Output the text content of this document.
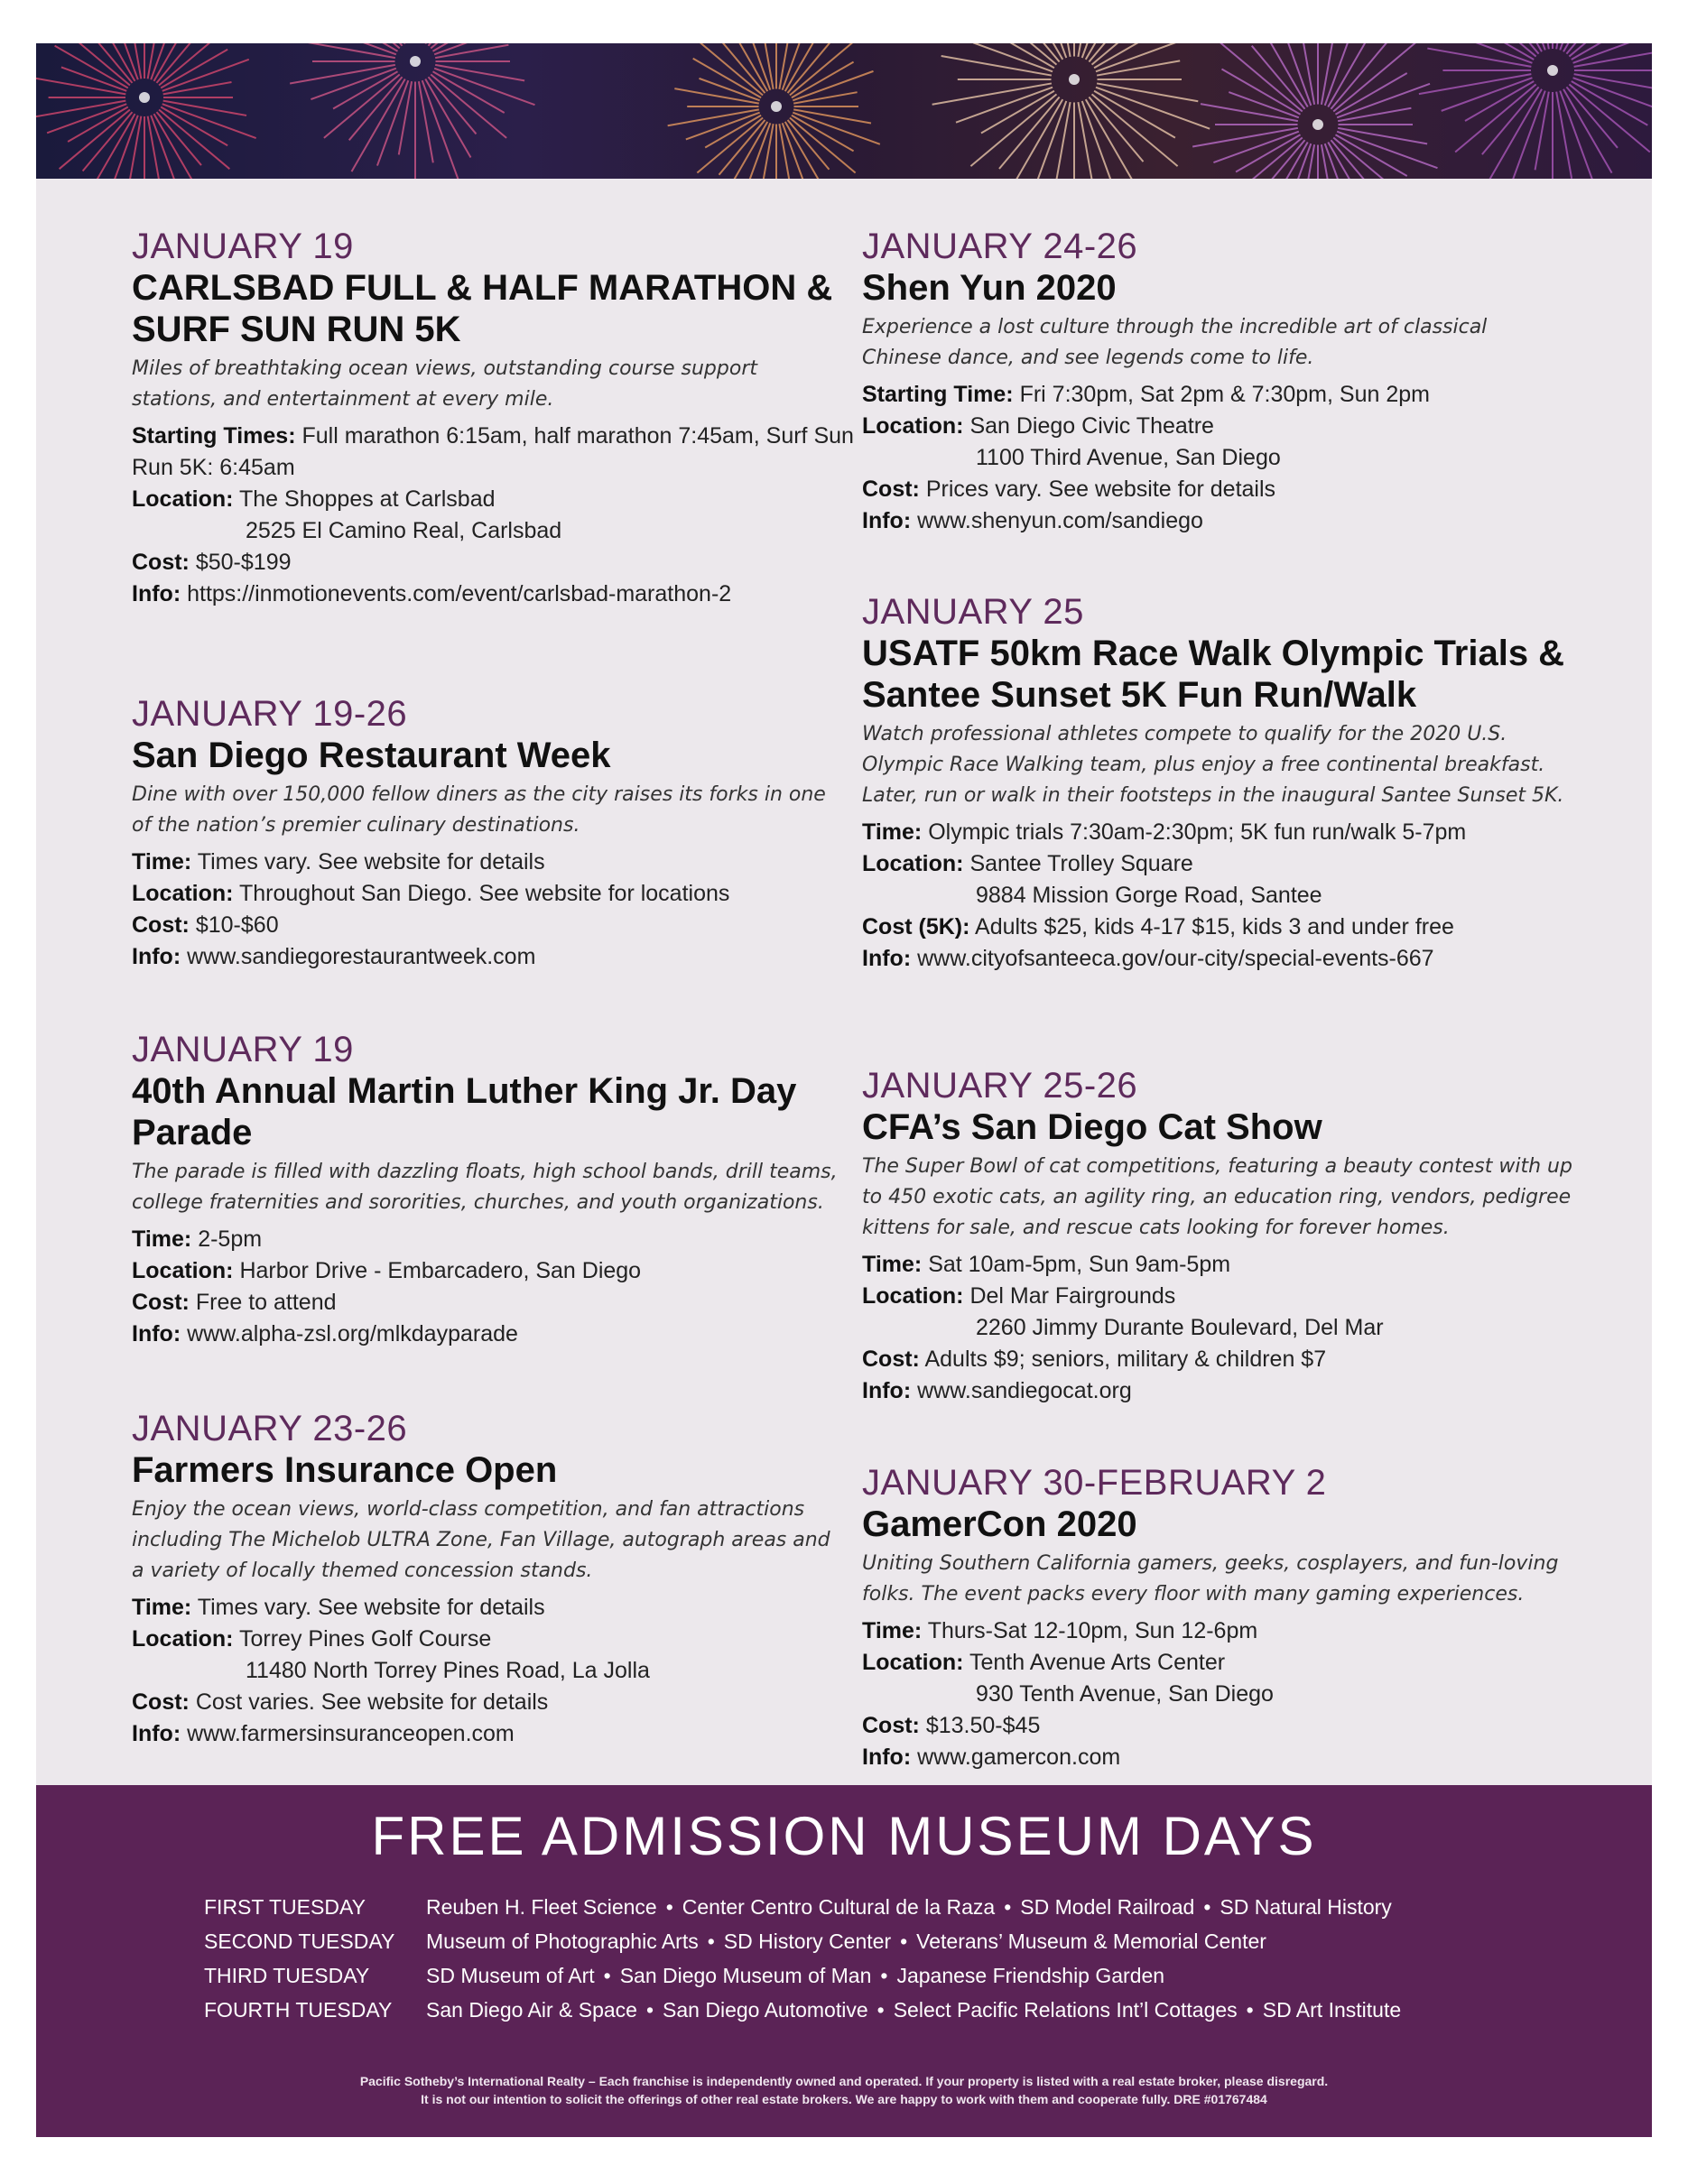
JANUARY 19

CARLSBAD FULL & HALF MARATHON & SURF SUN RUN 5K

Miles of breathtaking ocean views, outstanding course support stations, and entertainment at every mile.

Starting Times: Full marathon 6:15am, half marathon 7:45am, Surf Sun Run 5K: 6:45am

Location: The Shoppes at Carlsbad

2525 El Camino Real, Carlsbad

Cost: $50-$199

Info: https://inmotionevents.com/event/carlsbad-marathon-2

JANUARY 19-26

San Diego Restaurant Week

Dine with over 150,000 fellow diners as the city raises its forks in one of the nation’s premier culinary destinations.

Time: Times vary. See website for details

Location: Throughout San Diego. See website for locations

Cost: $10-$60

Info: www.sandiegorestaurantweek.com

JANUARY 19

40th Annual Martin Luther King Jr. Day Parade

The parade is filled with dazzling floats, high school bands, drill teams, college fraternities and sororities, churches, and youth organizations.

Time: 2-5pm

Location: Harbor Drive - Embarcadero, San Diego

Cost: Free to attend

Info: www.alpha-zsl.org/mlkdayparade

JANUARY 23-26

Farmers Insurance Open

Enjoy the ocean views, world-class competition, and fan attractions including The Michelob ULTRA Zone, Fan Village, autograph areas and a variety of locally themed concession stands.

Time: Times vary. See website for details

Location: Torrey Pines Golf Course

11480 North Torrey Pines Road, La Jolla

Cost: Cost varies. See website for details

Info: www.farmersinsuranceopen.com

JANUARY 24-26

Shen Yun 2020

Experience a lost culture through the incredible art of classical Chinese dance, and see legends come to life.

Starting Time: Fri 7:30pm, Sat 2pm & 7:30pm, Sun 2pm

Location: San Diego Civic Theatre

1100 Third Avenue, San Diego

Cost: Prices vary. See website for details

Info: www.shenyun.com/sandiego

JANUARY 25

USATF 50km Race Walk Olympic Trials & Santee Sunset 5K Fun Run/Walk

Watch professional athletes compete to qualify for the 2020 U.S. Olympic Race Walking team, plus enjoy a free continental breakfast. Later, run or walk in their footsteps in the inaugural Santee Sunset 5K.

Time: Olympic trials 7:30am-2:30pm; 5K fun run/walk 5-7pm

Location: Santee Trolley Square

9884 Mission Gorge Road, Santee

Cost (5K): Adults $25, kids 4-17 $15, kids 3 and under free

Info: www.cityofsanteeca.gov/our-city/special-events-667

JANUARY 25-26

CFA’s San Diego Cat Show

The Super Bowl of cat competitions, featuring a beauty contest with up to 450 exotic cats, an agility ring, an education ring, vendors, pedigree kittens for sale, and rescue cats looking for forever homes.

Time: Sat 10am-5pm, Sun 9am-5pm

Location: Del Mar Fairgrounds

2260 Jimmy Durante Boulevard, Del Mar

Cost: Adults $9; seniors, military & children $7

Info: www.sandiegocat.org

JANUARY 30-FEBRUARY 2

GamerCon 2020

Uniting Southern California gamers, geeks, cosplayers, and fun-loving folks. The event packs every floor with many gaming experiences.

Time: Thurs-Sat 12-10pm, Sun 12-6pm

Location: Tenth Avenue Arts Center

930 Tenth Avenue, San Diego

Cost: $13.50-$45

Info: www.gamercon.com

FREE ADMISSION MUSEUM DAYS
FIRST TUESDAY	Reuben H. Fleet Science • Center Centro Cultural de la Raza • SD Model Railroad • SD Natural History
SECOND TUESDAY Museum of Photographic Arts • SD History Center • Veterans’ Museum & Memorial Center
THIRD TUESDAY	SD Museum of Art • San Diego Museum of Man • Japanese Friendship Garden
FOURTH TUESDAY San Diego Air & Space • San Diego Automotive • Select Pacific Relations Int’l Cottages • SD Art Institute
Pacific Sotheby’s International Realty – Each franchise is independently owned and operated. If your property is listed with a real estate broker, please disregard.
It is not our intention to solicit the offerings of other real estate brokers. We are happy to work with them and cooperate fully. DRE #01767484
